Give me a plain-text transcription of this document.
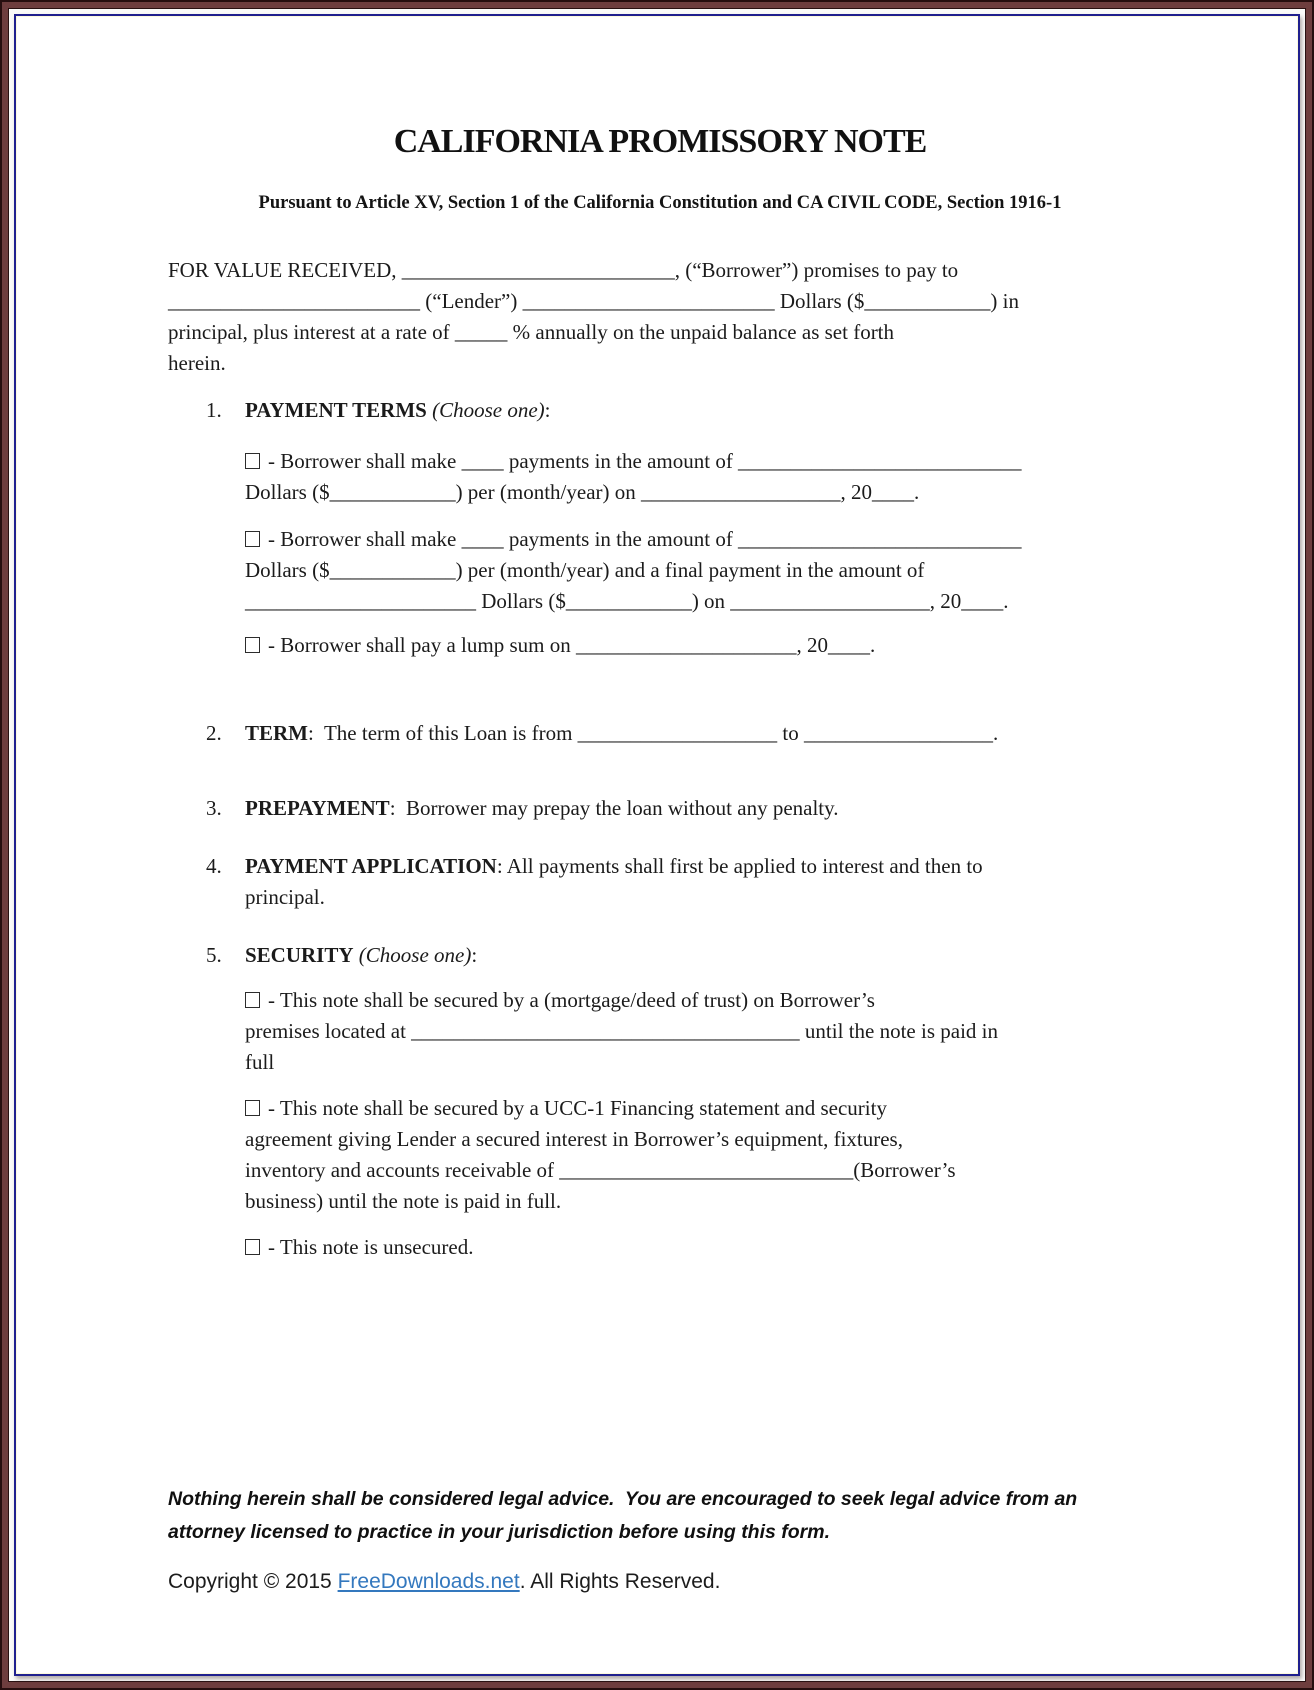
CALIFORNIA PROMISSORY NOTE
Pursuant to Article XV, Section 1 of the California Constitution and CA CIVIL CODE, Section 1916-1
FOR VALUE RECEIVED, __________________________, (“Borrower”) promises to pay to
________________________ (“Lender”) ________________________ Dollars ($____________) in
principal, plus interest at a rate of _____ % annually on the unpaid balance as set forth
herein.
1.	PAYMENT TERMS (Choose one):
- Borrower shall make ____ payments in the amount of ___________________________
Dollars ($____________) per (month/year) on ___________________, 20____.
- Borrower shall make ____ payments in the amount of ___________________________
Dollars ($____________) per (month/year) and a final payment in the amount of
______________________ Dollars ($____________) on ___________________, 20____.
- Borrower shall pay a lump sum on _____________________, 20____.
2.	TERM:  The term of this Loan is from ___________________ to __________________.
3.	PREPAYMENT:  Borrower may prepay the loan without any penalty.
4.	PAYMENT APPLICATION: All payments shall first be applied to interest and then to
principal.
5.	SECURITY (Choose one):
- This note shall be secured by a (mortgage/deed of trust) on Borrower’s
premises located at _____________________________________ until the note is paid in
full
- This note shall be secured by a UCC-1 Financing statement and security
agreement giving Lender a secured interest in Borrower’s equipment, fixtures,
inventory and accounts receivable of ____________________________(Borrower’s
business) until the note is paid in full.
- This note is unsecured.
Nothing herein shall be considered legal advice.  You are encouraged to seek legal advice from an
attorney licensed to practice in your jurisdiction before using this form.
Copyright © 2015 FreeDownloads.net. All Rights Reserved.
